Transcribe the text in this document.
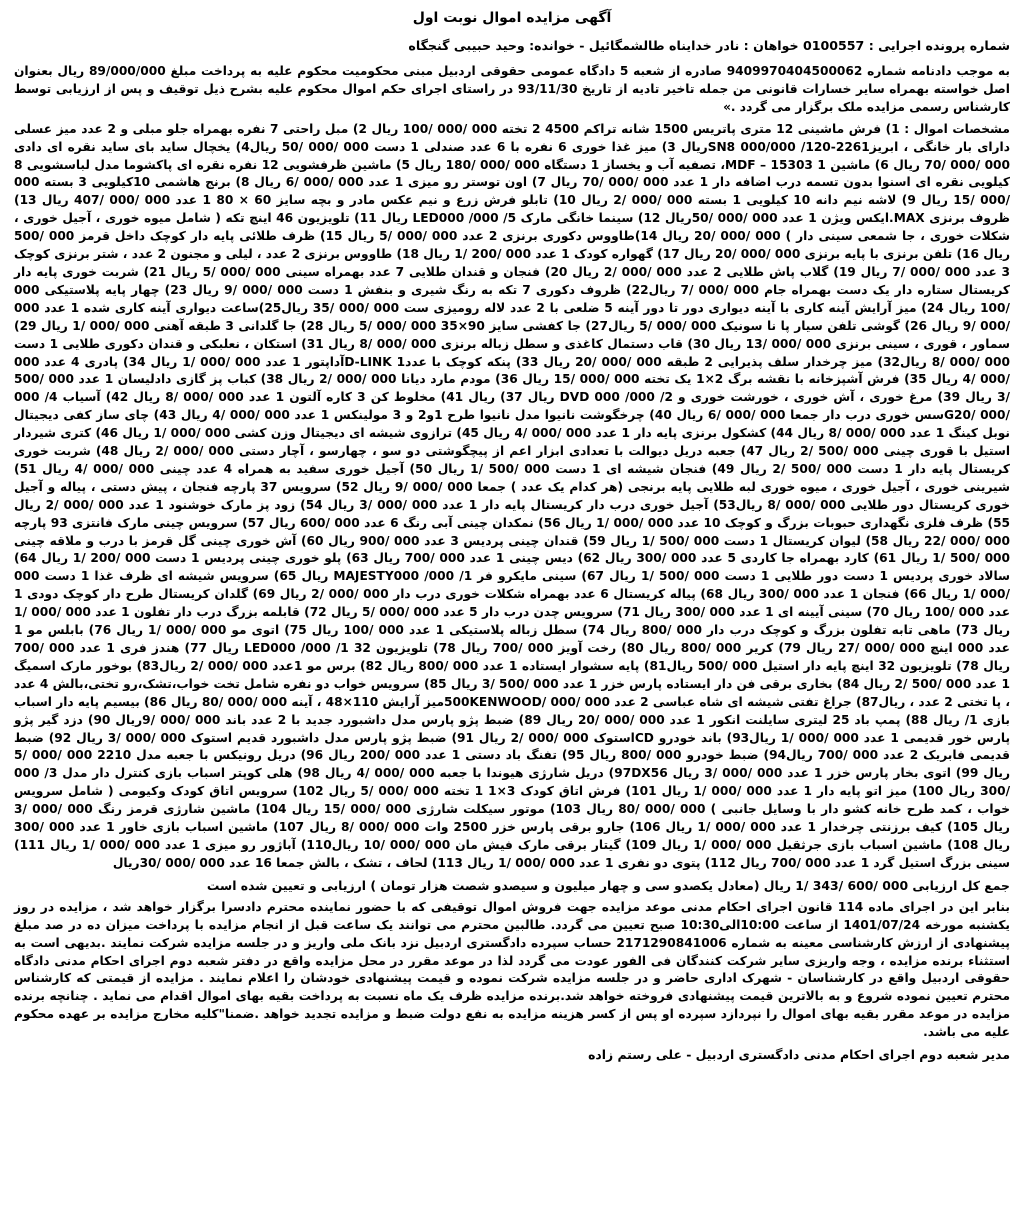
آگهی مزایده اموال نوبت اول
شماره پرونده اجرایی : 0100557 خواهان : نادر خدایناه طالشمگائیل - خوانده: وحید حبیبی گنجگاه

به موجب دادنامه شماره 9409970404500062 صادره از شعبه 5 دادگاه عمومی حقوقی اردبیل مبنی محکومیت محکوم علیه به پرداخت مبلغ 89/000/000 ریال بعنوان اصل خواسته بهمراه سایر خسارات قانونی من جمله تاخیر تادیه از تاریخ 93/11/30 در راستای اجرای حکم اموال محکوم علیه بشرح ذیل توقیف و پس از ارزیابی توسط کارشناس رسمی مزایده ملک برگزار می گردد .»

مشخصات اموال : 1) فرش ماشینی 12 متری پاتریس 1500 شانه تراکم 4500 2 تخته 000 /000 /100 ریال 2) مبل راحتی 7 نفره بهمراه جلو مبلی و 2 عدد میز عسلی دارای بار خانگی ، ابریز2261-SN8 000/000 /120ریال 3) میز غذا خوری 6 نفره با 6 عدد صندلی 1 دست 000 /000 /50 ریال4) یخچال ساید بای ساید نقره ای دادی 000 /000 /70 ریال 6) ماشین MDF – 15303 1، تصفیه آب و یخساز 1 دستگاه 000 /000 /180 ریال 5) ماشین ظرفشویی 12 نفره نقره ای پاکشوما مدل لباسشویی 8 کیلویی نقره ای اسنوا بدون تسمه درب اضافه دار 1 عدد 000 /000 /70 ریال 7) اون توستر رو میزی 1 عدد 000 /000 /6 ریال 8) برنج هاشمی 10کیلویی 3 بسته 000 /000 /15 ریال 9) لاشه نیم دانه 10 کیلویی 1 بسته 000 /000 /2 ریال 10) تابلو فرش زرع و نیم عکس مادر و بچه سایز 60 × 80 1 عدد 000 /000 /407 ریال 13) ظروف برنزی MAX.ایکس ویژن 1 عدد 000 /000 /50ریال 12) سینما خانگی مارک LED000 /000 /5 ریال 11) تلویزیون 46 اینچ تکه ( شامل میوه خوری ، آجیل خوری ، شکلات خوری ، جا شمعی سینی دار ) 000 /000 /20 ریال 14)طاووس دکوری برنزی 2 عدد 000 /000 /5 ریال 15) ظرف طلائی پایه دار کوچک داخل قرمز 000 /500 ریال 16) تلفن برنزی با پایه برنزی 000 /000 /20 ریال 17) گهواره کودک 1 عدد 000 /200 /1 ریال 18) طاووس برنزی 2 عدد ، لیلی و مجنون 2 عدد ، شتر برنزی کوچک 3 عدد 000 /000 /7 ریال 19) گلاب پاش طلایی 2 عدد 000 /000 /2 ریال 20) فنجان و قندان طلایی 7 عدد بهمراه سینی 000 /000 /5 ریال 21) شربت خوری پایه دار کریستال ستاره دار یک دست بهمراه جام 000 /000 /7 ریال22) ظروف دکوری 7 تکه به رنگ شیری و بنفش 1 دست 000 /000 /9 ریال 23) چهار پایه پلاستیکی 000 /100 ریال 24) میز آرایش آینه کاری با آینه دیواری دور تا دور آینه 5 ضلعی با 2 عدد لاله رومیزی ست 000 /000 /35 ریال25)ساعت دیواری آینه کاری شده 1 عدد 000 /000 /9 ریال 26) گوشی تلفن سیار پا نا سونیک 000 /000 /5 ریال27) جا کفشی سایز 90×35 000 /000 /5 ریال 28) جا گلدانی 3 طبقه آهنی 000 /000 /1 ریال 29) سماور ، قوری ، سینی برنزی 000 /000 /13 ریال 30) قاب دستمال کاغذی و سطل زباله برنزی 000 /000 /8 ریال 31) استکان ، نعلبکی و قندان دکوری طلایی 1 دست 000 /000 /8 ریال32) میز چرخدار سلف پذیرایی 2 طبقه 000 /000 /20 ریال 33) پنکه کوچک با عدد1 D-LINKآداپتور 1 عدد 000 /000 /1 ریال 34) پادری 4 عدد 000 /000 /4 ریال 35) فرش آشپزخانه با نقشه برگ 2×1 یک تخته 000 /000 /15 ریال 36) مودم مارد دیانا 000 /000 /2 ریال 38) کباب پز گازی دادلیسان 1 عدد 000 /500 /3 ریال 39) مرغ خوری ، آش خوری ، خورشت خوری و DVD 000 /000 /2 ریال 37) ریال 41) مخلوط کن 3 کاره آلتون 1 عدد 000 /000 /8 ریال 42) آسیاب 4/ 000 /000 /G20سس خوری درب دار جمعا 000 /000 /6 ریال 40) چرخگوشت نانیوا مدل نانیوا طرح 1و2 و 3 مولینکس 1 عدد 000 /000 /4 ریال 43) چای ساز کفی دیجیتال نوبل کینگ 1 عدد 000 /000 /8 ریال 44) کشکول برنزی پایه دار 1 عدد 000 /000 /4 ریال 45) ترازوی شیشه ای دیجیتال وزن کشی 000 /000 /1 ریال 46) کتری شیردار استیل با قوری چینی 000 /500 /2 ریال 47) جعبه دریل دیوالت با تعدادی ابزار اعم از پیچگوشتی دو سو ، چهارسو ، آچار دستی 000 /000 /2 ریال 48) شربت خوری کریستال پایه دار 1 دست 000 /500 /2 ریال 49) فنجان شیشه ای 1 دست 000 /500 /1 ریال 50) آجیل خوری سفید به همراه 4 عدد چینی 000 /000 /4 ریال 51) شیرینی خوری ، آجیل خوری ، میوه خوری لبه طلایی پایه برنجی (هر کدام یک عدد ) جمعا 000 /000 /9 ریال 52) سرویس 37 پارچه فنجان ، پیش دستی ، پیاله و آجیل خوری کریستال دور طلایی 000 /000 /8 ریال53) آجیل خوری درب دار کریستال پایه دار 1 عدد 000 /000 /3 ریال 54) زود پز مارک خوشنود 1 عدد 000 /000 /2 ریال 55) ظرف فلزی نگهداری حبوبات بزرگ و کوچک 10 عدد 000 /000 /1 ریال 56) نمکدان چینی آبی رنگ 6 عدد 000 /600 ریال 57) سرویس چینی مارک فانتزی 93 پارچه 000 /000 /22 ریال 58) لیوان کریستال 1 دست 000 /500 /1 ریال 59) قندان چینی پردیس 3 عدد 000 /900 ریال 60) آش خوری چینی گل قرمز با درب و ملاقه چینی 000 /500 /1 ریال 61) کارد بهمراه جا کاردی 5 عدد 000 /300 ریال 62) دیس چینی 1 عدد 000 /700 ریال 63) پلو خوری چینی پردیس 1 دست 000 /200 /1 ریال 64) سالاد خوری پردیس 1 دست دور طلایی 1 دست 000 /500 /1 ریال 67) سینی مایکرو فر MAJESTY000 /000 /1 ریال 65) سرویس شیشه ای ظرف غذا 1 دست 000 /000 /1 ریال 66) فنجان 1 عدد 000 /300 ریال 68) پیاله کریستال 6 عدد بهمراه شکلات خوری درب دار 000 /000 /2 ریال 69) گلدان کریستال طرح دار کوچک دودی 1 عدد 000 /100 ریال 70) سینی آیینه ای 1 عدد 000 /300 ریال 71) سرویس چدن درب دار 5 عدد 000 /000 /5 ریال 72) قابلمه بزرگ درب دار تفلون 1 عدد 000 /000 /1 ریال 73) ماهی تابه تفلون بزرگ و کوچک درب دار 000 /800 ریال 74) سطل زباله پلاستیکی 1 عدد 000 /100 ریال 75) اتوی مو 000 /000 /1 ریال 76) بابلس مو 1 عدد 000 اینچ 000 /000 /27 ریال 79) کریر 000 /800 ریال 80) رخت آویز 000 /700 ریال 78) تلویزیون 32 LED000 /000 /1 ریال 77) هندز فری 1 عدد 000 /700 ریال 78) تلویزیون 32 اینچ پایه دار استیل 000 /500 ریال81) پایه سشوار ایستاده 1 عدد 000 /800 ریال 82) برس مو 1عدد 000 /000 /2 ریال83) بوخور مارک اسمیگ 1 عدد 000 /500 /2 ریال 84) بخاری برقی فن دار ایستاده پارس خزر 1 عدد 000 /500 /3 ریال 85) سرویس خواب دو نفره شامل تخت خواب،تشک،رو تختی،بالش 4 عدد ، پا تختی 2 عدد ، ریال87) جراغ تفتی شیشه ای شاه عباسی 2 عدد 000 /000 /500KENWOODمیز آرایش 110×48 ، آینه 000 /000 /80 ریال 86) بیسیم پایه دار اسباب بازی 1/ ریال 88) پمپ باد 25 لیتری سایلنت انکور 1 عدد 000 /000 /20 ریال 89) ضبط پژو پارس مدل داشبورد جدید با 2 عدد باند 000 /000 /9ریال 90) دزد گیر پژو پارس خور قدیمی 1 عدد 000 /000 /1 ریال93) باند خودرو CDاستوک 000 /000 /2 ریال 91) ضبط پژو پارس مدل داشبورد قدیم استوک 000 /000 /3 ریال 92) ضبط قدیمی فابریک 2 عدد 000 /700 ریال94) ضبط خودرو 000 /800 ریال 95) تفنگ باد دستی 1 عدد 000 /200 ریال 96) دریل رونیکس با جعبه مدل 2210 000 /000 /5 ریال 99) اتوی بخار پارس خزر 1 عدد 000 /000 /3 ریال 97DX56) دریل شارژی هیوندا با جعبه 000 /000 /4 ریال 98) هلی کوپتر اسباب بازی کنترل دار مدل 3/ 000 /300 ریال 100) میز اتو پایه دار 1 عدد 000 /000 /1 ریال 101) فرش اتاق کودک 3×1 1 تخته 000 /000 /5 ریال 102) سرویس اتاق کودک وکیومی ( شامل سرویس خواب ، کمد طرح خانه کشو دار با وسایل جانبی ) 000 /000 /80 ریال 103) موتور سیکلت شارژی 000 /000 /15 ریال 104) ماشین شارژی قرمز رنگ 000 /000 /3 ریال 105) کیف برزنتی چرخدار 1 عدد 000 /000 /1 ریال 106) جارو برقی پارس خزر 2500 وات 000 /000 /8 ریال 107) ماشین اسباب بازی خاور 1 عدد 000 /300 ریال 108) ماشین اسباب بازی جرثقیل 000 /000 /1 ریال 109) گیتار برقی مارک فیش مان 000 /000 /10 ریال110) آباژور رو میزی 1 عدد 000 /000 /1 ریال 111) سینی بزرگ استیل گرد 1 عدد 000 /700 ریال 112) پتوی دو نفری 1 عدد 000 /000 /1 ریال 113) لحاف ، تشک ، بالش جمعا 16 عدد 000 /000 /30ریال

جمع کل ارزیابی 000 /600 /343 /1 ریال (معادل یکصدو سی و چهار میلیون و سیصدو شصت هزار تومان ) ارزیابی و تعیین شده است

بنابر این در اجرای ماده 114 قانون اجرای احکام مدنی موعد مزایده جهت فروش اموال توقیفی که با حضور نماینده محترم دادسرا برگزار خواهد شد ، مزایده در روز یکشنبه مورخه 1401/07/24 از ساعت 10:00الی10:30 صبح تعیین می گردد. طالبین محترم می توانند یک ساعت قبل از انجام مزایده با پرداخت میزان ده در صد مبلغ پیشنهادی از ارزش کارشناسی معینه به شماره 2171290841006 حساب سپرده دادگستری اردبیل نزد بانک ملی واریز و در جلسه مزایده شرکت نمایند .بدیهی است به استثناء برنده مزایده ، وجه واریزی سایر شرکت کنندگان فی الفور عودت می گردد لذا در موعد مقرر در محل مزایده واقع در دفتر شعبه دوم اجرای احکام مدنی دادگاه حقوقی اردبیل واقع در کارشناسان - شهرک اداری حاضر و در جلسه مزایده شرکت نموده و قیمت پیشنهادی خودشان را اعلام نمایند . مزایده از قیمتی که کارشناس محترم تعیین نموده شروع و به بالاترین قیمت پیشنهادی فروخته خواهد شد.برنده مزایده ظرف یک ماه نسبت به پرداخت بقیه بهای اموال اقدام می نماید . چنانچه برنده مزایده در موعد مقرر بقیه بهای اموال را نپردازد سپرده او پس از کسر هزینه مزایده به نفع دولت ضبط و مزایده تجدید خواهد .ضمنا"کلیه مخارج مزایده بر عهده محکوم علیه می باشد.

مدیر شعبه دوم اجرای احکام مدنی دادگستری اردبیل - علی رستم زاده
